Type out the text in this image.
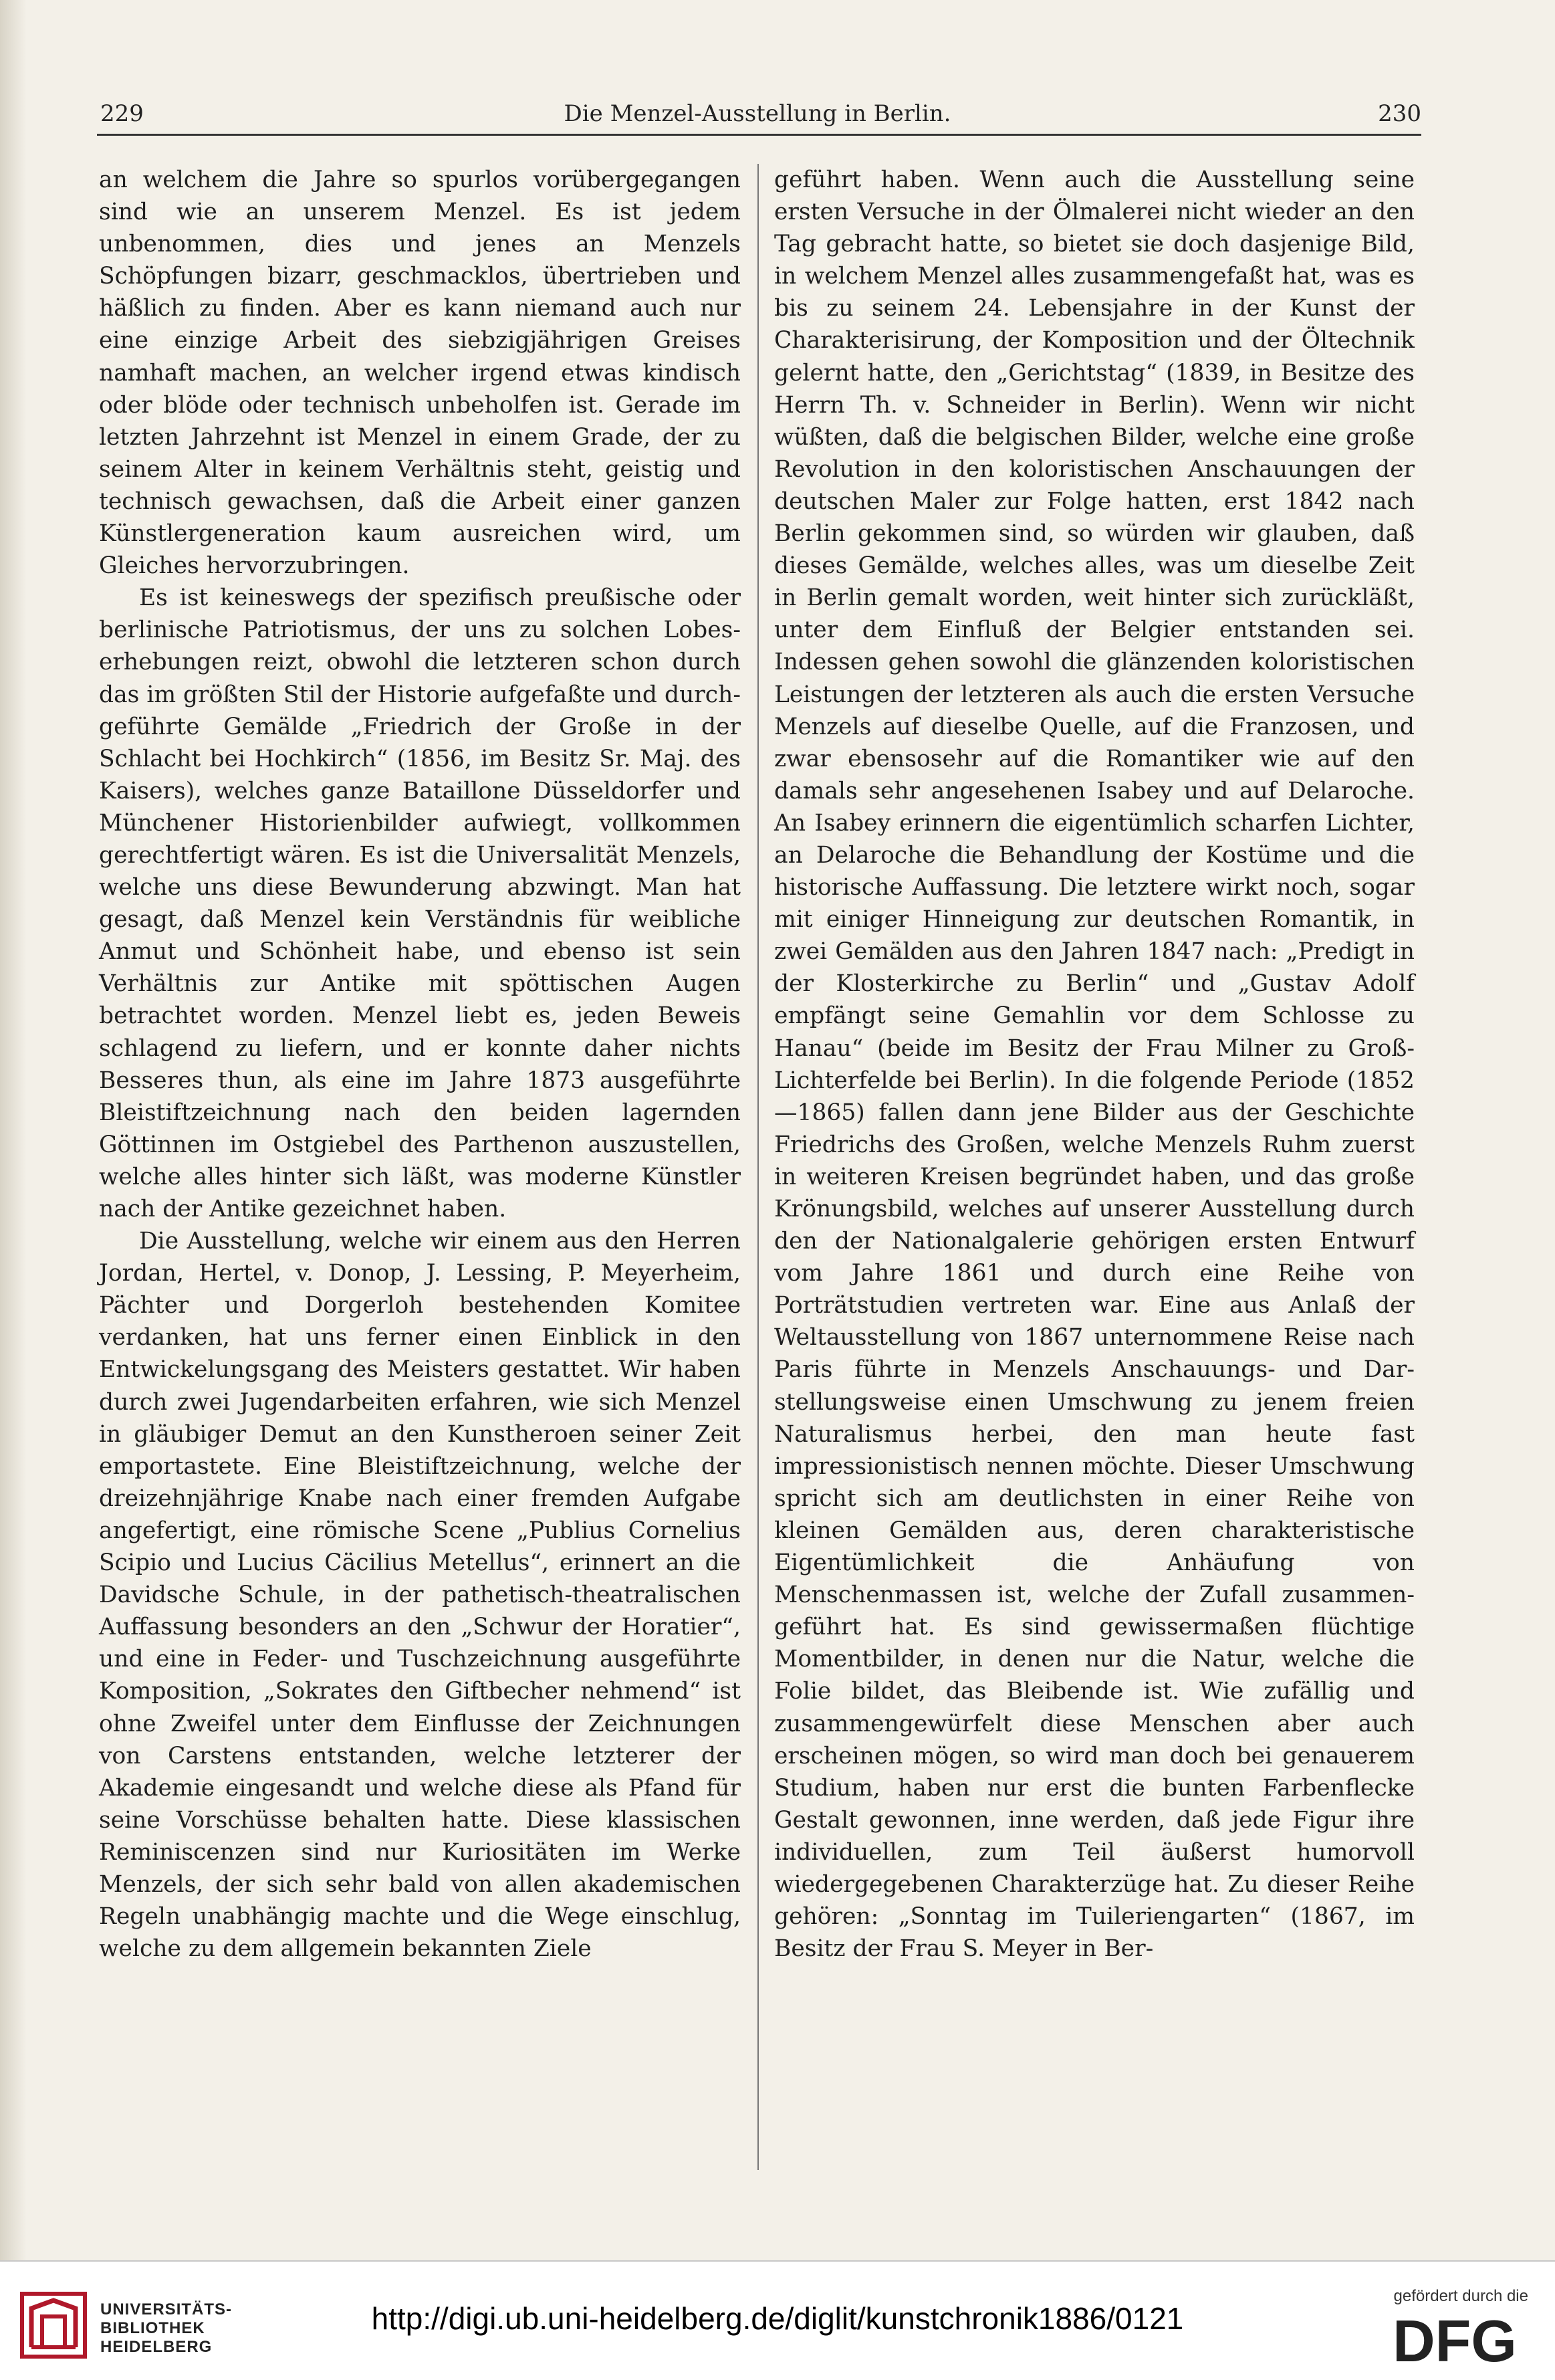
229	Die Menzel-Ausstellung in Berlin.	230

an welchem die Jahre so spurlos vorübergegangen sind wie an unserem Menzel. Es ist jedem unbenommen, dies und jenes an Menzels Schöpfungen bizarr, geschmacklos, übertrieben und häßlich zu finden. Aber es kann niemand auch nur eine einzige Arbeit des siebzigjährigen Greises namhaft machen, an welcher irgend etwas kindisch oder blöde oder technisch unbeholfen ist. Gerade im letzten Jahrzehnt ist Menzel in einem Grade, der zu seinem Alter in keinem Verhältnis steht, geistig und technisch gewachsen, daß die Arbeit einer ganzen Künstlergeneration kaum ausreichen wird, um Gleiches hervorzubringen.

Es ist keineswegs der spezifisch preußische oder berlinische Patriotismus, der uns zu solchen Lobeserhebungen reizt, obwohl die letzteren schon durch das im größten Stil der Historie aufgefaßte und durchgeführte Gemälde „Friedrich der Große in der Schlacht bei Hochkirch“ (1856, im Besitz Sr. Maj. des Kaisers), welches ganze Bataillone Düsseldorfer und Münchener Historienbilder aufwiegt, vollkommen gerechtfertigt wären. Es ist die Universalität Menzels, welche uns diese Bewunderung abzwingt. Man hat gesagt, daß Menzel kein Verständnis für weibliche Anmut und Schönheit habe, und ebenso ist sein Verhältnis zur Antike mit spöttischen Augen betrachtet worden. Menzel liebt es, jeden Beweis schlagend zu liefern, und er konnte daher nichts Besseres thun, als eine im Jahre 1873 ausgeführte Bleistiftzeichnung nach den beiden lagernden Göttinnen im Ostgiebel des Parthenon auszustellen, welche alles hinter sich läßt, was moderne Künstler nach der Antike gezeichnet haben.

Die Ausstellung, welche wir einem aus den Herren Jordan, Hertel, v. Donop, J. Lessing, P. Meyerheim, Pächter und Dorgerloh bestehenden Komitee verdanken, hat uns ferner einen Einblick in den Entwickelungsgang des Meisters gestattet. Wir haben durch zwei Jugendarbeiten erfahren, wie sich Menzel in gläubiger Demut an den Kunstheroen seiner Zeit emportastete. Eine Bleistiftzeichnung, welche der dreizehnjährige Knabe nach einer fremden Aufgabe angefertigt, eine römische Scene „Publius Cornelius Scipio und Lucius Cäcilius Metellus“, erinnert an die Davidsche Schule, in der pathetisch-theatralischen Auffassung besonders an den „Schwur der Horatier“, und eine in Feder- und Tuschzeichnung ausgeführte Komposition, „Sokrates den Giftbecher nehmend“ ist ohne Zweifel unter dem Einflusse der Zeichnungen von Carstens entstanden, welche letzterer der Akademie eingesandt und welche diese als Pfand für seine Vorschüsse behalten hatte. Diese klassischen Reminiscenzen sind nur Kuriositäten im Werke Menzels, der sich sehr bald von allen akademischen Regeln unabhängig machte und die Wege einschlug, welche zu dem allgemein bekannten Ziele

geführt haben. Wenn auch die Ausstellung seine ersten Versuche in der Ölmalerei nicht wieder an den Tag gebracht hatte, so bietet sie doch dasjenige Bild, in welchem Menzel alles zusammengefaßt hat, was es bis zu seinem 24. Lebensjahre in der Kunst der Charakterisirung, der Komposition und der Öltechnik gelernt hatte, den „Gerichtstag“ (1839, in Besitze des Herrn Th. v. Schneider in Berlin). Wenn wir nicht wüßten, daß die belgischen Bilder, welche eine große Revolution in den koloristischen Anschauungen der deutschen Maler zur Folge hatten, erst 1842 nach Berlin gekommen sind, so würden wir glauben, daß dieses Gemälde, welches alles, was um dieselbe Zeit in Berlin gemalt worden, weit hinter sich zurückläßt, unter dem Einfluß der Belgier entstanden sei. Indessen gehen sowohl die glänzenden koloristischen Leistungen der letzteren als auch die ersten Versuche Menzels auf dieselbe Quelle, auf die Franzosen, und zwar ebensosehr auf die Romantiker wie auf den damals sehr angesehenen Isabey und auf Delaroche. An Isabey erinnern die eigentümlich scharfen Lichter, an Delaroche die Behandlung der Kostüme und die historische Auffassung. Die letztere wirkt noch, sogar mit einiger Hinneigung zur deutschen Romantik, in zwei Gemälden aus den Jahren 1847 nach: „Predigt in der Klosterkirche zu Berlin“ und „Gustav Adolf empfängt seine Gemahlin vor dem Schlosse zu Hanau“ (beide im Besitz der Frau Milner zu Groß-Lichterfelde bei Berlin). In die folgende Periode (1852—1865) fallen dann jene Bilder aus der Geschichte Friedrichs des Großen, welche Menzels Ruhm zuerst in weiteren Kreisen begründet haben, und das große Krönungsbild, welches auf unserer Ausstellung durch den der Nationalgalerie gehörigen ersten Entwurf vom Jahre 1861 und durch eine Reihe von Porträtstudien vertreten war. Eine aus Anlaß der Weltausstellung von 1867 unternommene Reise nach Paris führte in Menzels Anschauungs- und Darstellungsweise einen Umschwung zu jenem freien Naturalismus herbei, den man heute fast impressionistisch nennen möchte. Dieser Umschwung spricht sich am deutlichsten in einer Reihe von kleinen Gemälden aus, deren charakteristische Eigentümlichkeit die Anhäufung von Menschenmassen ist, welche der Zufall zusammengeführt hat. Es sind gewissermaßen flüchtige Momentbilder, in denen nur die Natur, welche die Folie bildet, das Bleibende ist. Wie zufällig und zusammengewürfelt diese Menschen aber auch erscheinen mögen, so wird man doch bei genauerem Studium, haben nur erst die bunten Farbenflecke Gestalt gewonnen, inne werden, daß jede Figur ihre individuellen, zum Teil äußerst humorvoll wiedergegebenen Charakterzüge hat. Zu dieser Reihe gehören: „Sonntag im Tuileriengarten“ (1867, im Besitz der Frau S. Meyer in Ber-

UNIVERSITÄTS-
BIBLIOTHEK
HEIDELBERG
http://digi.ub.uni-heidelberg.de/diglit/kunstchronik1886/0121
gefördert durch die
DFG
